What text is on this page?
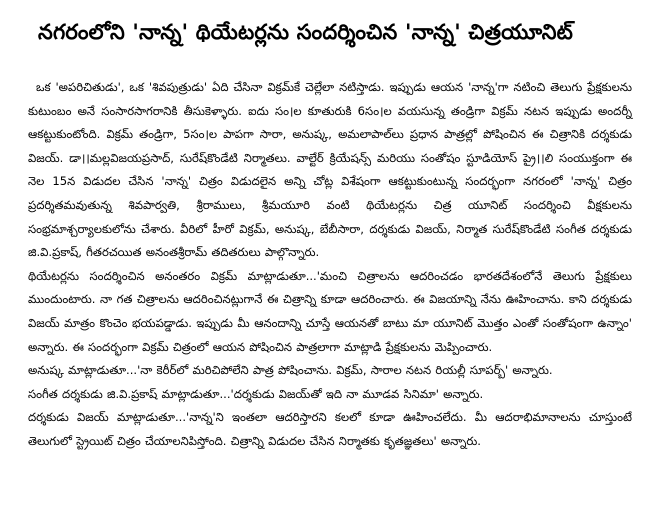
నగరంలోని 'నాన్న' థియేటర్లను సందర్శించిన 'నాన్న' చిత్రయూనిట్

ఒక 'అపరిచితుడు', ఒక 'శివపుత్రుడు' ఏది చేసినా విక్రమ్‌కే చెల్లేలా నటిస్తాడు. ఇప్పుడు ఆయన 'నాన్న'గా నటించి తెలుగు ప్రేక్షకులను కుటుంబం అనే సంసారసాగరానికి తీసుకెళ్ళారు. ఐదు సం।ల కూతురుకి 6సం।ల వయసున్న తండ్రిగా విక్రమ్ నటన ఇప్పుడు అందర్నీ ఆకట్టుకుంటోంది. విక్రమ్ తండ్రిగా, 5సం।ల పాపగా సారా, అనుష్క, అమలాపాల్‌లు ప్రధాన పాత్రల్లో పోషించిన ఈ చిత్రానికి దర్శకుడు విజయ్. డా।।మల్లవిజయప్రసాద్, సురేష్‌కొండేటి నిర్మాతలు. వాల్టేర్ క్రియేషన్స్ మరియు సంతోషం స్టూడియోస్ ప్రై।।లి సంయుక్తంగా ఈ నెల 15న విడుదల చేసిన 'నాన్న' చిత్రం విడుదలైన అన్ని చోట్ల విశేషంగా ఆకట్టుకుంటున్న సందర్భంగా నగరంలో 'నాన్న' చిత్రం ప్రదర్శితమవుతున్న శివపార్వతి, శ్రీరాములు, శ్రీమయూరి వంటి థియేటర్లను చిత్ర యూనిట్ సందర్శించి వీక్షకులను సంభ్రమాశ్చర్యాలకులోను చేశారు. వీరిలో హీరో విక్రమ్, అనుష్క, బేబీసారా, దర్శకుడు విజయ్, నిర్మాత సురేష్‌కొండేటి సంగీత దర్శకుడు జి.వి.ప్రకాష్, గీతరచయిత అనంతశ్రీరామ్ తదితరులు పాల్గొన్నారు.

థియేటర్లను సందర్శించిన అనంతరం విక్రమ్ మాట్లాడుతూ...'మంచి చిత్రాలను ఆదరించడం భారతదేశంలోనే తెలుగు ప్రేక్షకులు ముందుంటారు. నా గత చిత్రాలను ఆదరించినట్లుగానే ఈ చిత్రాన్ని కూడా ఆదరించారు. ఈ విజయాన్ని నేను ఊహించాను. కాని దర్శకుడు విజయ్ మాత్రం కొంచెం భయపడ్డాడు. ఇప్పుడు మీ ఆనందాన్ని చూస్తే ఆయనతో బాటు మా యూనిట్ మొత్తం ఎంతో సంతోషంగా ఉన్నాం' అన్నారు. ఈ సందర్భంగా విక్రమ్ చిత్రంలో ఆయన పోషించిన పాత్రలాగా మాట్లాడి ప్రేక్షకులను మెప్పించారు.

అనుష్క మాట్లాడుతూ...'నా కెరీర్‌లో మరిచిపోలేని పాత్ర పోషించాను. విక్రమ్, సారాల నటన రియల్లీ సూపర్బ్' అన్నారు.

సంగీత దర్శకుడు జి.వి.ప్రకాష్ మాట్లాడుతూ...'దర్శకుడు విజయ్‌తో ఇది నా మూడవ సినిమా' అన్నారు.

దర్శకుడు విజయ్ మాట్లాడుతూ...'నాన్న'ని ఇంతలా ఆదరిస్తారని కలలో కూడా ఊహించలేదు. మీ ఆదరాభిమానాలను చూస్తుంటే తెలుగులో స్ట్రెయిట్ చిత్రం చేయాలనిపిస్తోంది. చిత్రాన్ని విడుదల చేసిన నిర్మాతకు కృతజ్ఞతలు' అన్నారు.
